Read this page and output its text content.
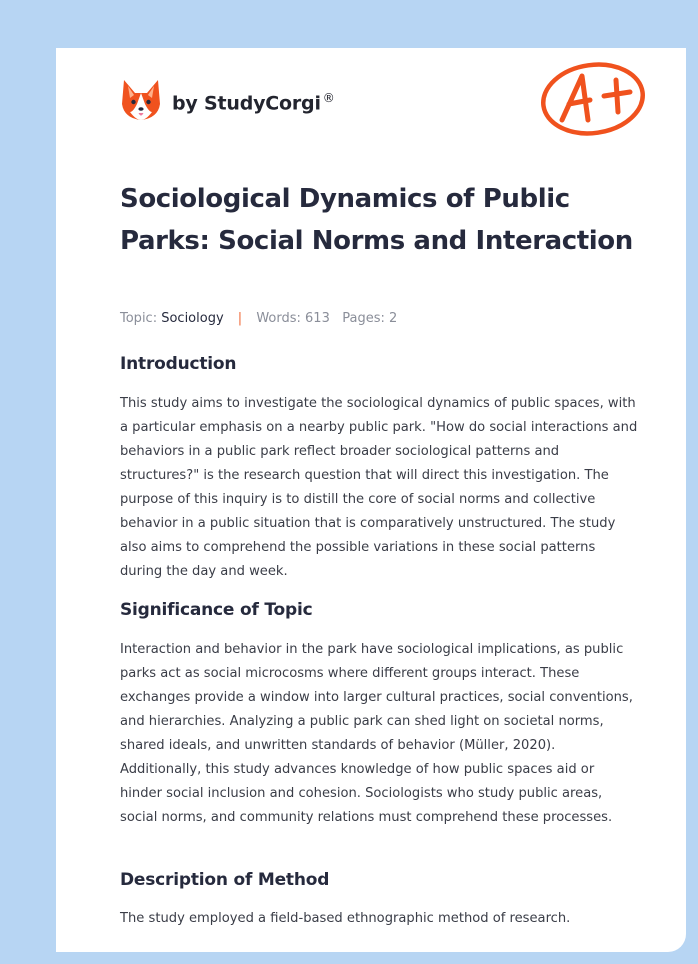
by StudyCorgi ®
A+
Sociological Dynamics of Public Parks: Social Norms and Interaction
Topic: Sociology | Words: 613 Pages: 2
Introduction

This study aims to investigate the sociological dynamics of public spaces, with a particular emphasis on a nearby public park. "How do social interactions and behaviors in a public park reflect broader sociological patterns and structures?" is the research question that will direct this investigation. The purpose of this inquiry is to distill the core of social norms and collective behavior in a public situation that is comparatively unstructured. The study also aims to comprehend the possible variations in these social patterns during the day and week.

Significance of Topic

Interaction and behavior in the park have sociological implications, as public parks act as social microcosms where different groups interact. These exchanges provide a window into larger cultural practices, social conventions, and hierarchies. Analyzing a public park can shed light on societal norms, shared ideals, and unwritten standards of behavior (Müller, 2020). Additionally, this study advances knowledge of how public spaces aid or hinder social inclusion and cohesion. Sociologists who study public areas, social norms, and community relations must comprehend these processes.

Description of Method

The study employed a field-based ethnographic method of research.
